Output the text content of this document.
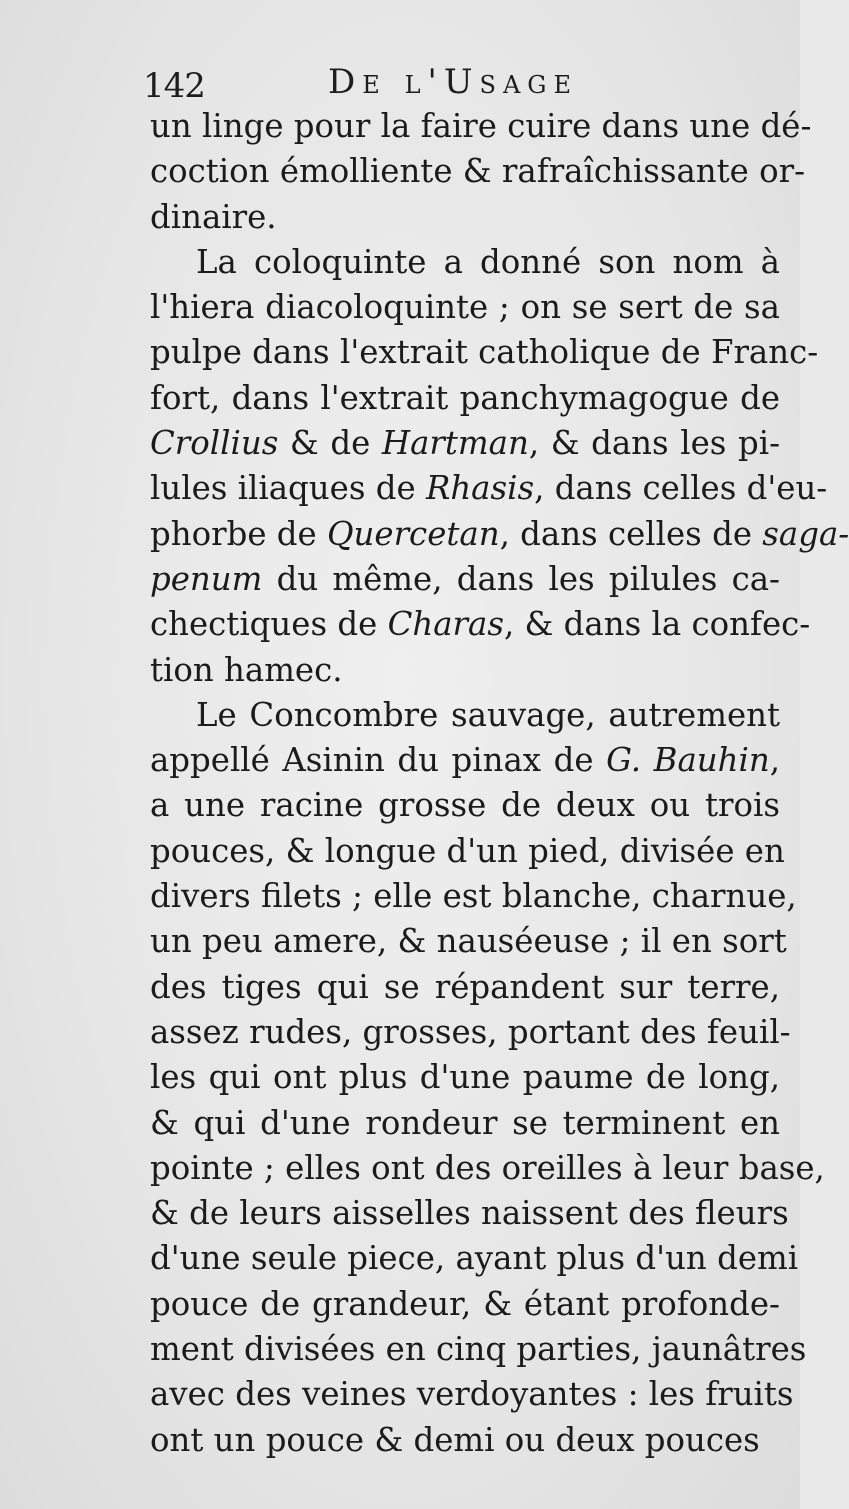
142	De l'Usage
un linge pour la faire cuire dans une dé-
coction émolliente & rafraîchissante or-
dinaire.
La coloquinte a donné son nom à
l'hiera diacoloquinte ; on se sert de sa
pulpe dans l'extrait catholique de Franc-
fort, dans l'extrait panchymagogue de
Crollius & de Hartman, & dans les pi-
lules iliaques de Rhasis, dans celles d'eu-
phorbe de Quercetan, dans celles de saga-
penum du même, dans les pilules ca-
chectiques de Charas, & dans la confec-
tion hamec.
Le Concombre sauvage, autrement
appellé Asinin du pinax de G. Bauhin,
a une racine grosse de deux ou trois
pouces, & longue d'un pied, divisée en
divers filets ; elle est blanche, charnue,
un peu amere, & nauséeuse ; il en sort
des tiges qui se répandent sur terre,
assez rudes, grosses, portant des feuil-
les qui ont plus d'une paume de long,
& qui d'une rondeur se terminent en
pointe ; elles ont des oreilles à leur base,
& de leurs aisselles naissent des fleurs
d'une seule piece, ayant plus d'un demi
pouce de grandeur, & étant profonde-
ment divisées en cinq parties, jaunâtres
avec des veines verdoyantes : les fruits
ont un pouce & demi ou deux pouces
